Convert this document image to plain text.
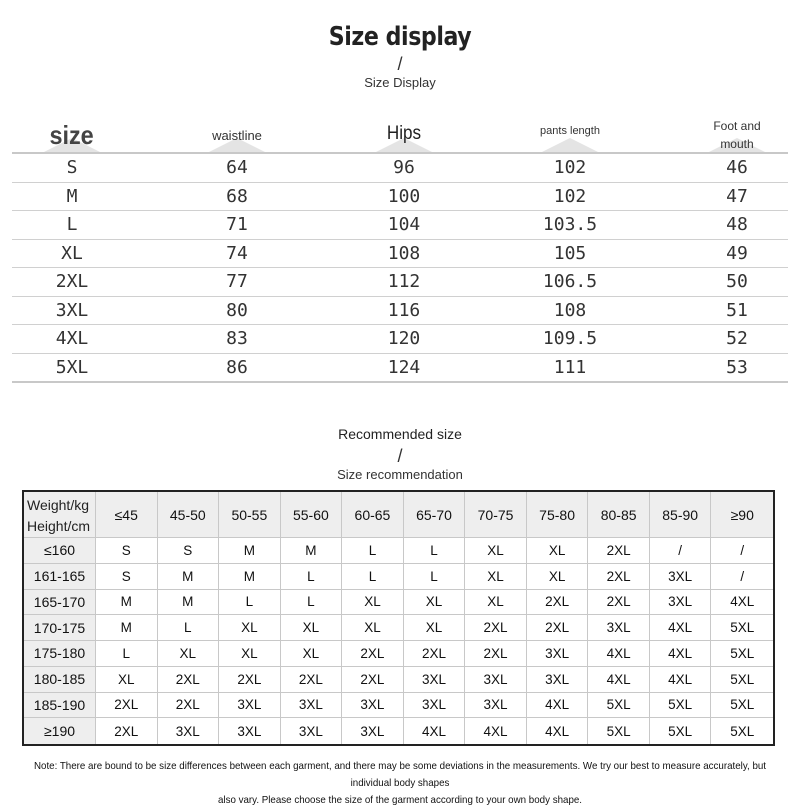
Size display
/
Size Display
size	waistline	Hips	pants length	Foot and
mouth
S	64	96	102	46
M	68	100	102	47
L	71	104	103.5	48
XL	74	108	105	49
2XL	77	112	106.5	50
3XL	80	116	108	51
4XL	83	120	109.5	52
5XL	86	124	111	53
Recommended size
/
Size recommendation
Weight/kg
Height/cm
≤45	45-50	50-55	55-60	60-65	65-70	70-75	75-80	80-85	85-90	≥90
≤160	S	S	M	M	L	L	XL	XL	2XL	/	/
161-165	S	M	M	L	L	L	XL	XL	2XL	3XL	/
165-170	M	M	L	L	XL	XL	XL	2XL	2XL	3XL	4XL
170-175	M	L	XL	XL	XL	XL	2XL	2XL	3XL	4XL	5XL
175-180	L	XL	XL	XL	2XL	2XL	2XL	3XL	4XL	4XL	5XL
180-185	XL	2XL	2XL	2XL	2XL	3XL	3XL	3XL	4XL	4XL	5XL
185-190	2XL	2XL	3XL	3XL	3XL	3XL	3XL	4XL	5XL	5XL	5XL
≥190	2XL	3XL	3XL	3XL	3XL	4XL	4XL	4XL	5XL	5XL	5XL
Note: There are bound to be size differences between each garment, and there may be some deviations in the measurements. We try our best to measure accurately, but individual body shapes
also vary. Please choose the size of the garment according to your own body shape.
